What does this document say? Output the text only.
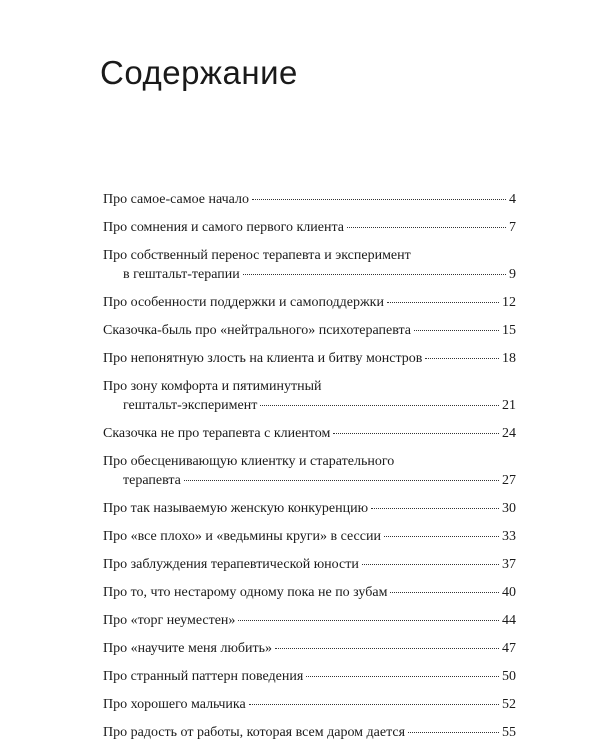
Содержание
Про самое-самое начало	4
Про сомнения и самого первого клиента	7
Про собственный перенос терапевта и эксперимент
в гештальт-терапии	9
Про особенности поддержки и самоподдержки	12
Сказочка-быль про «нейтрального» психотерапевта	15
Про непонятную злость на клиента и битву монстров	18
Про зону комфорта и пятиминутный
гештальт-эксперимент	21
Сказочка не про терапевта с клиентом	24
Про обесценивающую клиентку и старательного
терапевта	27
Про так называемую женскую конкуренцию	30
Про «все плохо» и «ведьмины круги» в сессии	33
Про заблуждения терапевтической юности	37
Про то, что нестарому одному пока не по зубам	40
Про «торг неуместен»	44
Про «научите меня любить»	47
Про странный паттерн поведения	50
Про хорошего мальчика	52
Про радость от работы, которая всем даром дается	55
